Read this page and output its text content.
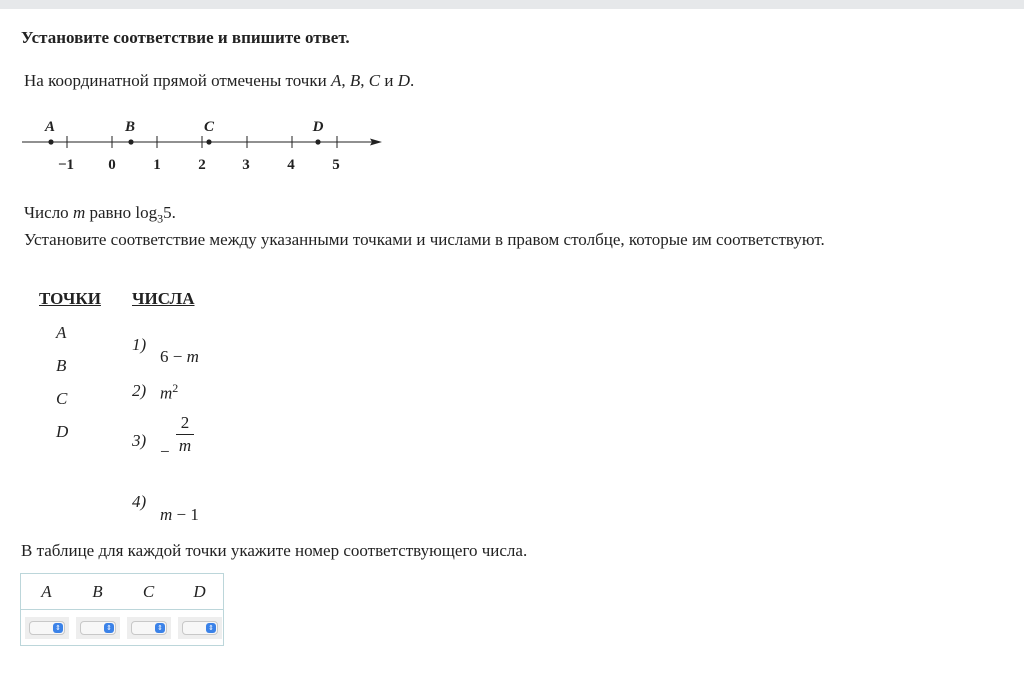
Установите соответствие и впишите ответ.
На координатной прямой отмечены точки A, B, C и D.
A	B	C	D
−1 0	1	2 3	4	5
Число m равно $\log_35$.
Установите соответствие между указанными точками и числами в правом столбце, которые им соответствуют.
ТОЧКИ ЧИСЛА
A
B
C
D
1)
6 − m
2) $m^2$
3)
−
2
m
4)
m − 1
В таблице для каждой точки укажите номер соответствующего числа.
A	B	C	D
⇕	⇕	⇕	⇕
